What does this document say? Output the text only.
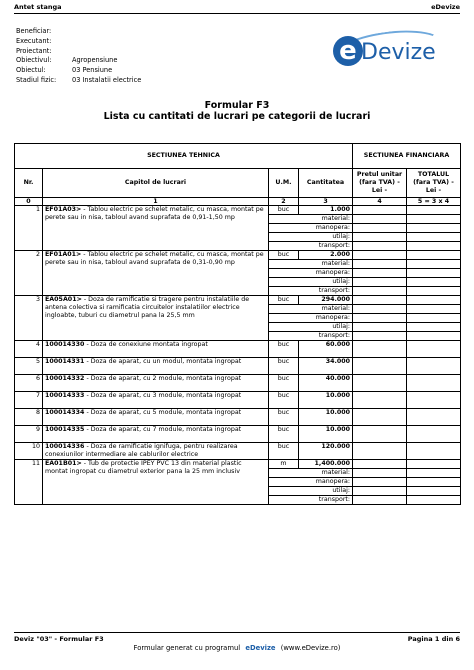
Antet stanga	eDevize
Beneficiar:
Executant:
Proiectant:
Obiectivul:	Agropensiune
Obiectul:	03 Pensiune
Stadiul fizic:	03 Instalatii electrice
e Devize
Formular F3
Lista cu cantitati de lucrari pe categorii de lucrari
SECTIUNEA TEHNICA				SECTIUNEA FINANCIARA	
Nr.	Capitol de lucrari	U.M.	Cantitatea	Pretul unitar (fara TVA) - Lei -	TOTALUL (fara TVA) - Lei -
0	1	2	3	4	5 = 3 x 4
1	EF01A03> - Tablou electric pe schelet metalic, cu masca, montat pe perete sau in nisa, tabloul avand suprafata de 0,91-1,50 mp	buc	1.000		
		material:			
		manopera:			
		utilaj:			
		transport:			
2	EF01A01> - Tablou electric pe schelet metalic, cu masca, montat pe perete sau in nisa, tabloul avand suprafata de 0,31-0,90 mp	buc	2.000		
		material:			
		manopera:			
		utilaj:			
		transport:			
3	EA05A01> - Doza de ramificatie si tragere pentru instalatiile de antena colectiva si ramificatia circuitelor instalatiilor electrice ingloabte, tuburi cu diametrul pana la 25,5 mm	buc	294.000		
		material:			
		manopera:			
		utilaj:			
		transport:			
4	100014330 - Doza de conexiune montata ingropat	buc	60.000		
5	100014331 - Doza de aparat, cu un modul, montata ingropat	buc	34.000		
6	100014332 - Doza de aparat, cu 2 module, montata ingropat	buc	40.000		
7	100014333 - Doza de aparat, cu 3 module, montata ingropat	buc	10.000		
8	100014334 - Doza de aparat, cu 5 module, montata ingropat	buc	10.000		
9	100014335 - Doza de aparat, cu 7 module, montata ingropat	buc	10.000		
10	100014336 - Doza de ramificatie ignifuga, pentru realizarea conexiunilor intermediare ale cablurilor electrice	buc	120.000		
11	EA01B01> - Tub de protectie IPEY PVC 13 din material plastic montat ingropat cu diametrul exterior pana la 25 mm inclusiv	m	1,400.000		
		material:			
		manopera:			
		utilaj:			
		transport:			
Deviz "03" - Formular F3	Pagina 1 din 6
Formular generat cu programul eDevize (www.eDevize.ro)
